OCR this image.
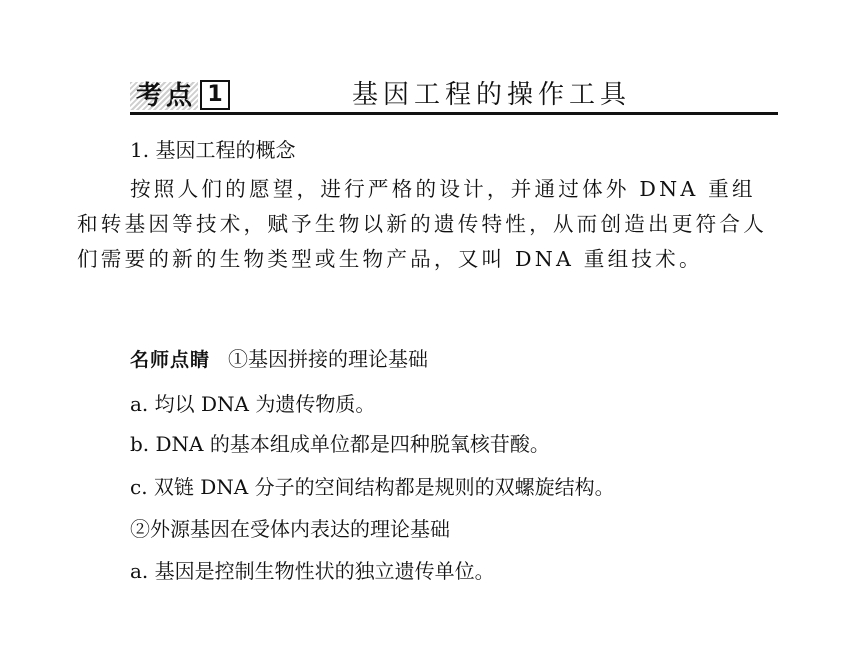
考点 1	基因工程的操作工具
1. 基因工程的概念
按照人们的愿望，进行严格的设计，并通过体外 DNA 重组和转基因等技术，赋予生物以新的遗传特性，从而创造出更符合人们需要的新的生物类型或生物产品，又叫 DNA 重组技术。
名师点睛 ①基因拼接的理论基础
a. 均以 DNA 为遗传物质。
b. DNA 的基本组成单位都是四种脱氧核苷酸。
c. 双链 DNA 分子的空间结构都是规则的双螺旋结构。
②外源基因在受体内表达的理论基础
a. 基因是控制生物性状的独立遗传单位。
